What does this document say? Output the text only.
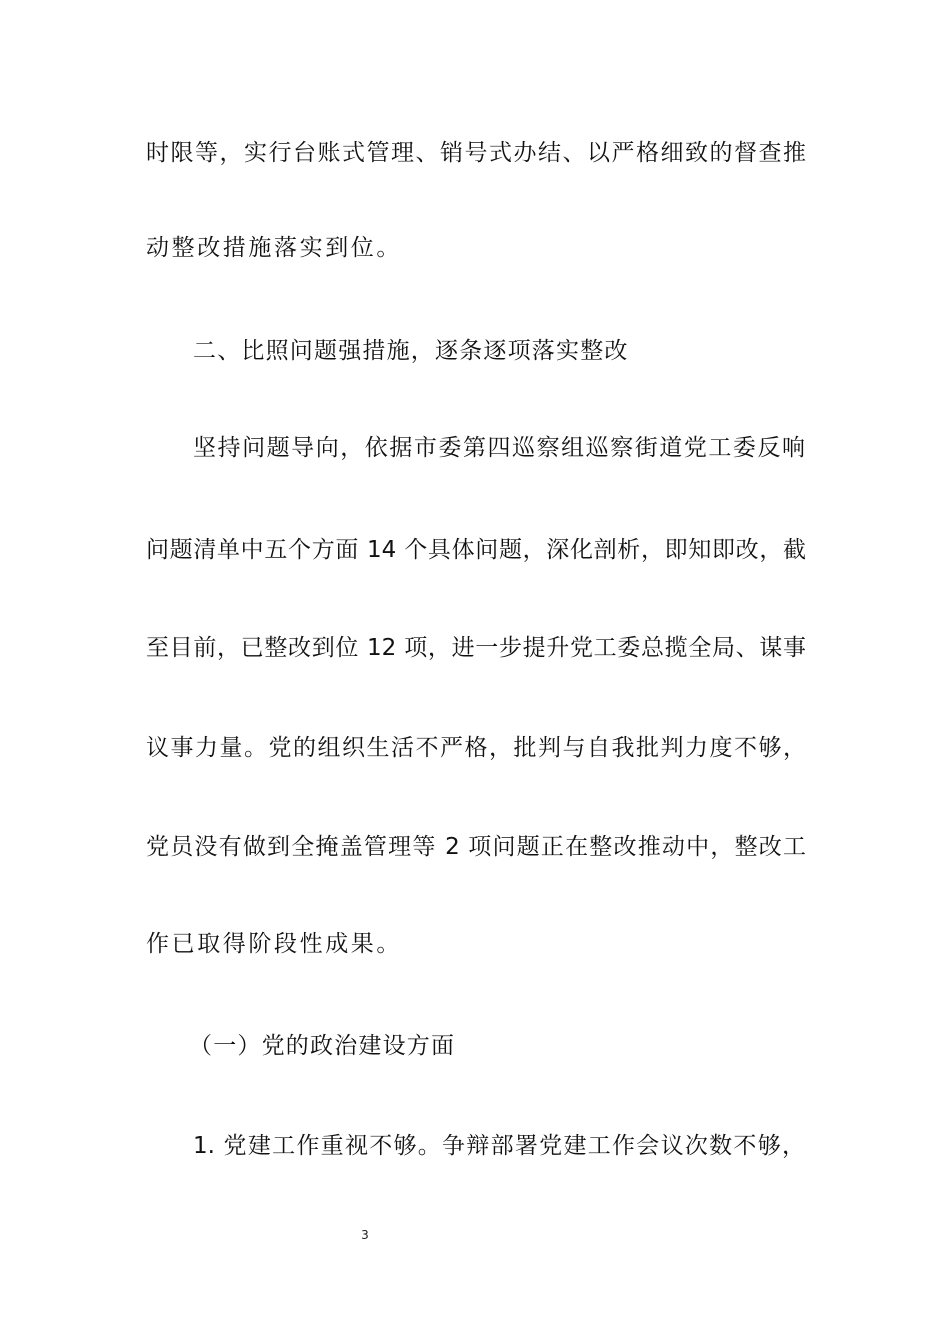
时限等，实行台账式管理、销号式办结、以严格细致的督查推
动整改措施落实到位。
二、比照问题强措施，逐条逐项落实整改
坚持问题导向，依据市委第四巡察组巡察街道党工委反响
问题清单中五个方面 14 个具体问题，深化剖析，即知即改，截
至目前，已整改到位 12 项，进一步提升党工委总揽全局、谋事
议事力量。党的组织生活不严格，批判与自我批判力度不够，
党员没有做到全掩盖管理等 2 项问题正在整改推动中，整改工
作已取得阶段性成果。
（一）党的政治建设方面
1. 党建工作重视不够。争辩部署党建工作会议次数不够，
3
